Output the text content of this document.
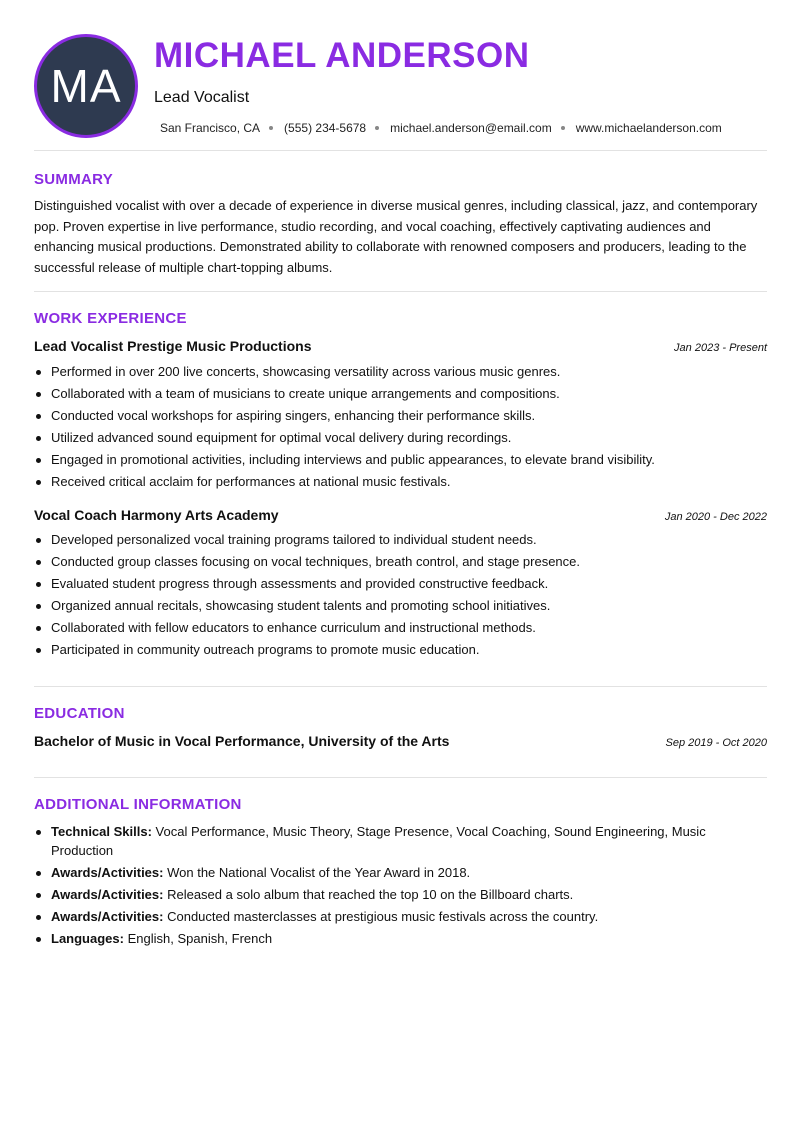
MA
MICHAEL ANDERSON
Lead Vocalist
San Francisco, CA (555) 234-5678 michael.anderson@email.com www.michaelanderson.com
SUMMARY

Distinguished vocalist with over a decade of experience in diverse musical genres, including classical, jazz, and contemporary pop. Proven expertise in live performance, studio recording, and vocal coaching, effectively captivating audiences and enhancing musical productions. Demonstrated ability to collaborate with renowned composers and producers, leading to the successful release of multiple chart-topping albums.

WORK EXPERIENCE
Lead Vocalist Prestige Music Productions	Jan 2023 - Present
Performed in over 200 live concerts, showcasing versatility across various music genres.
Collaborated with a team of musicians to create unique arrangements and compositions.
Conducted vocal workshops for aspiring singers, enhancing their performance skills.
Utilized advanced sound equipment for optimal vocal delivery during recordings.
Engaged in promotional activities, including interviews and public appearances, to elevate brand visibility.
Received critical acclaim for performances at national music festivals.
Vocal Coach Harmony Arts Academy	Jan 2020 - Dec 2022
Developed personalized vocal training programs tailored to individual student needs.
Conducted group classes focusing on vocal techniques, breath control, and stage presence.
Evaluated student progress through assessments and provided constructive feedback.
Organized annual recitals, showcasing student talents and promoting school initiatives.
Collaborated with fellow educators to enhance curriculum and instructional methods.
Participated in community outreach programs to promote music education.
EDUCATION
Bachelor of Music in Vocal Performance, University of the Arts	Sep 2019 - Oct 2020
ADDITIONAL INFORMATION
Technical Skills: Vocal Performance, Music Theory, Stage Presence, Vocal Coaching, Sound Engineering, Music Production
Awards/Activities: Won the National Vocalist of the Year Award in 2018.
Awards/Activities: Released a solo album that reached the top 10 on the Billboard charts.
Awards/Activities: Conducted masterclasses at prestigious music festivals across the country.
Languages: English, Spanish, French
